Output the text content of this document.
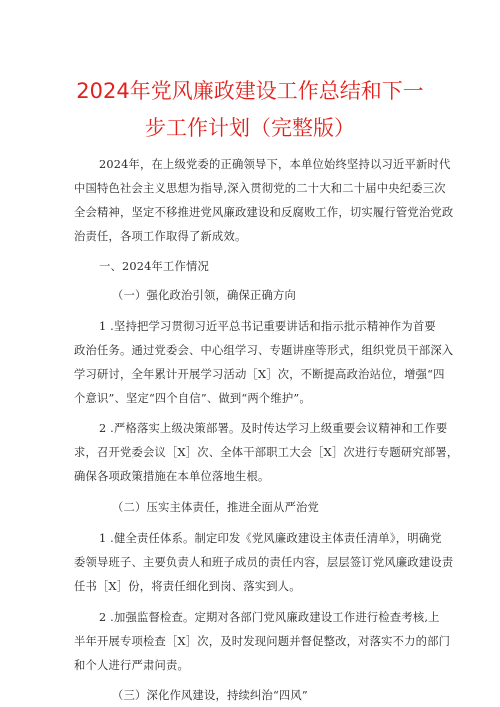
2024年党风廉政建设工作总结和下一
步工作计划（完整版）
2024年，在上级党委的正确领导下，本单位始终坚持以习近平新时代
中国特色社会主义思想为指导,深入贯彻党的二十大和二十届中央纪委三次
全会精神，坚定不移推进党风廉政建设和反腐败工作，切实履行管党治党政
治责任，各项工作取得了新成效。
一、2024年工作情况
（一）强化政治引领，确保正确方向
1 .坚持把学习贯彻习近平总书记重要讲话和指示批示精神作为首要
政治任务。通过党委会、中心组学习、专题讲座等形式，组织党员干部深入
学习研讨，全年累计开展学习活动［X］次，不断提高政治站位，增强“四
个意识”、坚定“四个自信”、做到“两个维护”。
2 .严格落实上级决策部署。及时传达学习上级重要会议精神和工作要
求，召开党委会议［X］次、全体干部职工大会［X］次进行专题研究部署，
确保各项政策措施在本单位落地生根。
（二）压实主体责任，推进全面从严治党
1 .健全责任体系。制定印发《党风廉政建设主体责任清单》，明确党
委领导班子、主要负责人和班子成员的责任内容，层层签订党风廉政建设责
任书［X］份，将责任细化到岗、落实到人。
2 .加强监督检查。定期对各部门党风廉政建设工作进行检查考核,上
半年开展专项检查［X］次，及时发现问题并督促整改，对落实不力的部门
和个人进行严肃问责。
（三）深化作风建设，持续纠治“四风”
